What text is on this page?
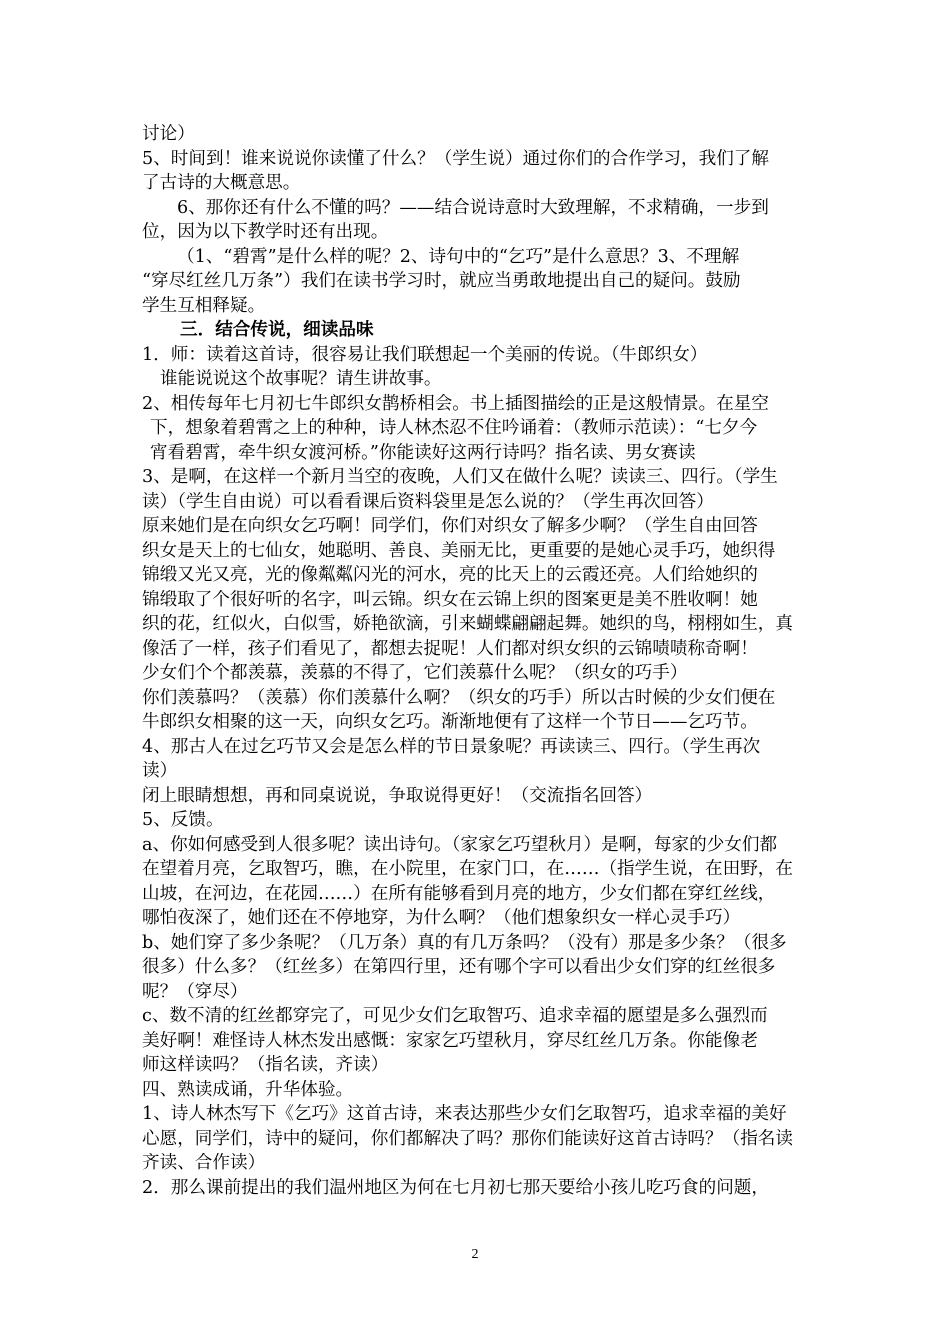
讨论）

5、时间到！谁来说说你读懂了什么？（学生说）通过你们的合作学习，我们了解

了古诗的大概意思。

6、那你还有什么不懂的吗？——结合说诗意时大致理解，不求精确，一步到

位，因为以下教学时还有出现。

（1、“碧霄”是什么样的呢？2、诗句中的“乞巧”是什么意思？3、不理解

“穿尽红丝几万条”）我们在读书学习时，就应当勇敢地提出自己的疑问。鼓励

学生互相释疑。

三．结合传说，细读品味

1．师：读着这首诗，很容易让我们联想起一个美丽的传说。（牛郎织女）

谁能说说这个故事呢？请生讲故事。

2、相传每年七月初七牛郎织女鹊桥相会。书上插图描绘的正是这般情景。在星空

下，想象着碧霄之上的种种，诗人林杰忍不住吟诵着：（教师示范读）：“七夕今

宵看碧霄，牵牛织女渡河桥。”你能读好这两行诗吗？指名读、男女赛读

3、是啊，在这样一个新月当空的夜晚，人们又在做什么呢？读读三、四行。（学生

读）（学生自由说）可以看看课后资料袋里是怎么说的？（学生再次回答）

原来她们是在向织女乞巧啊！同学们，你们对织女了解多少啊？（学生自由回答

织女是天上的七仙女，她聪明、善良、美丽无比，更重要的是她心灵手巧，她织得

锦缎又光又亮，光的像粼粼闪光的河水，亮的比天上的云霞还亮。人们给她织的

锦缎取了个很好听的名字，叫云锦。织女在云锦上织的图案更是美不胜收啊！她

织的花，红似火，白似雪，娇艳欲滴，引来蝴蝶翩翩起舞。她织的鸟，栩栩如生，真

像活了一样，孩子们看见了，都想去捉呢！人们都对织女织的云锦啧啧称奇啊！

少女们个个都羡慕，羡慕的不得了，它们羡慕什么呢？（织女的巧手）

你们羡慕吗？（羡慕）你们羡慕什么啊？（织女的巧手）所以古时候的少女们便在

牛郎织女相聚的这一天，向织女乞巧。渐渐地便有了这样一个节日——乞巧节。

4、那古人在过乞巧节又会是怎么样的节日景象呢？再读读三、四行。（学生再次

读）

闭上眼睛想想，再和同桌说说，争取说得更好！（交流指名回答）

5、反馈。

a、你如何感受到人很多呢？读出诗句。（家家乞巧望秋月）是啊，每家的少女们都

在望着月亮，乞取智巧，瞧，在小院里，在家门口，在……（指学生说，在田野，在

山坡，在河边，在花园……）在所有能够看到月亮的地方，少女们都在穿红丝线，

哪怕夜深了，她们还在不停地穿，为什么啊？（他们想象织女一样心灵手巧）

b、她们穿了多少条呢？（几万条）真的有几万条吗？（没有）那是多少条？（很多

很多）什么多？（红丝多）在第四行里，还有哪个字可以看出少女们穿的红丝很多

呢？（穿尽）

c、数不清的红丝都穿完了，可见少女们乞取智巧、追求幸福的愿望是多么强烈而

美好啊！难怪诗人林杰发出感慨：家家乞巧望秋月，穿尽红丝几万条。你能像老

师这样读吗？（指名读，齐读）

四、熟读成诵，升华体验。

1、诗人林杰写下《乞巧》这首古诗，来表达那些少女们乞取智巧，追求幸福的美好

心愿，同学们，诗中的疑问，你们都解决了吗？那你们能读好这首古诗吗？（指名读

齐读、合作读）

2．那么课前提出的我们温州地区为何在七月初七那天要给小孩儿吃巧食的问题，

2
